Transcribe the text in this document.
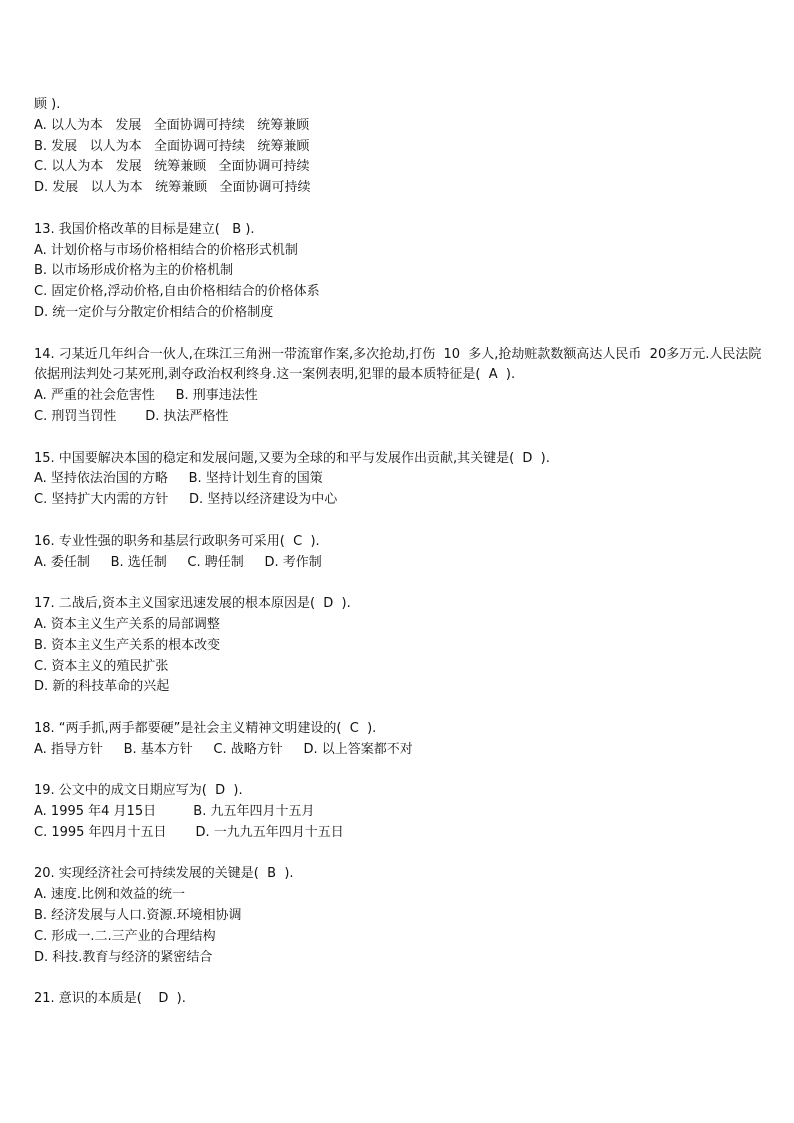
顾 ).
A. 以人为本   发展   全面协调可持续   统筹兼顾
B. 发展   以人为本   全面协调可持续   统筹兼顾
C. 以人为本   发展   统筹兼顾   全面协调可持续
D. 发展   以人为本   统筹兼顾   全面协调可持续
13. 我国价格改革的目标是建立(   B ).
A. 计划价格与市场价格相结合的价格形式机制
B. 以市场形成价格为主的价格机制
C. 固定价格,浮动价格,自由价格相结合的价格体系
D. 统一定价与分散定价相结合的价格制度
14. 刁某近几年纠合一伙人,在珠江三角洲一带流窜作案,多次抢劫,打伤  10  多人,抢劫赃款数额高达人民币  20多万元.人民法院依据刑法判处刁某死刑,剥夺政治权利终身.这一案例表明,犯罪的最本质特征是(  A  ).
A. 严重的社会危害性     B. 刑事违法性
C. 刑罚当罚性       D. 执法严格性
15. 中国要解决本国的稳定和发展问题,又要为全球的和平与发展作出贡献,其关键是(  D  ).
A. 坚持依法治国的方略     B. 坚持计划生育的国策
C. 坚持扩大内需的方针     D. 坚持以经济建设为中心
16. 专业性强的职务和基层行政职务可采用(  C  ).
A. 委任制     B. 选任制     C. 聘任制     D. 考作制
17. 二战后,资本主义国家迅速发展的根本原因是(  D  ).
A. 资本主义生产关系的局部调整
B. 资本主义生产关系的根本改变
C. 资本主义的殖民扩张
D. 新的科技革命的兴起
18. “两手抓,两手都要硬”是社会主义精神文明建设的(  C  ).
A. 指导方针     B. 基本方针     C. 战略方针     D. 以上答案都不对
19. 公文中的成文日期应写为(  D  ).
A. 1995 年4 月15日         B. 九五年四月十五月
C. 1995 年四月十五日       D. 一九九五年四月十五日
20. 实现经济社会可持续发展的关键是(  B  ).
A. 速度.比例和效益的统一
B. 经济发展与人口.资源.环境相协调
C. 形成一.二.三产业的合理结构
D. 科技.教育与经济的紧密结合
21. 意识的本质是(    D  ).
